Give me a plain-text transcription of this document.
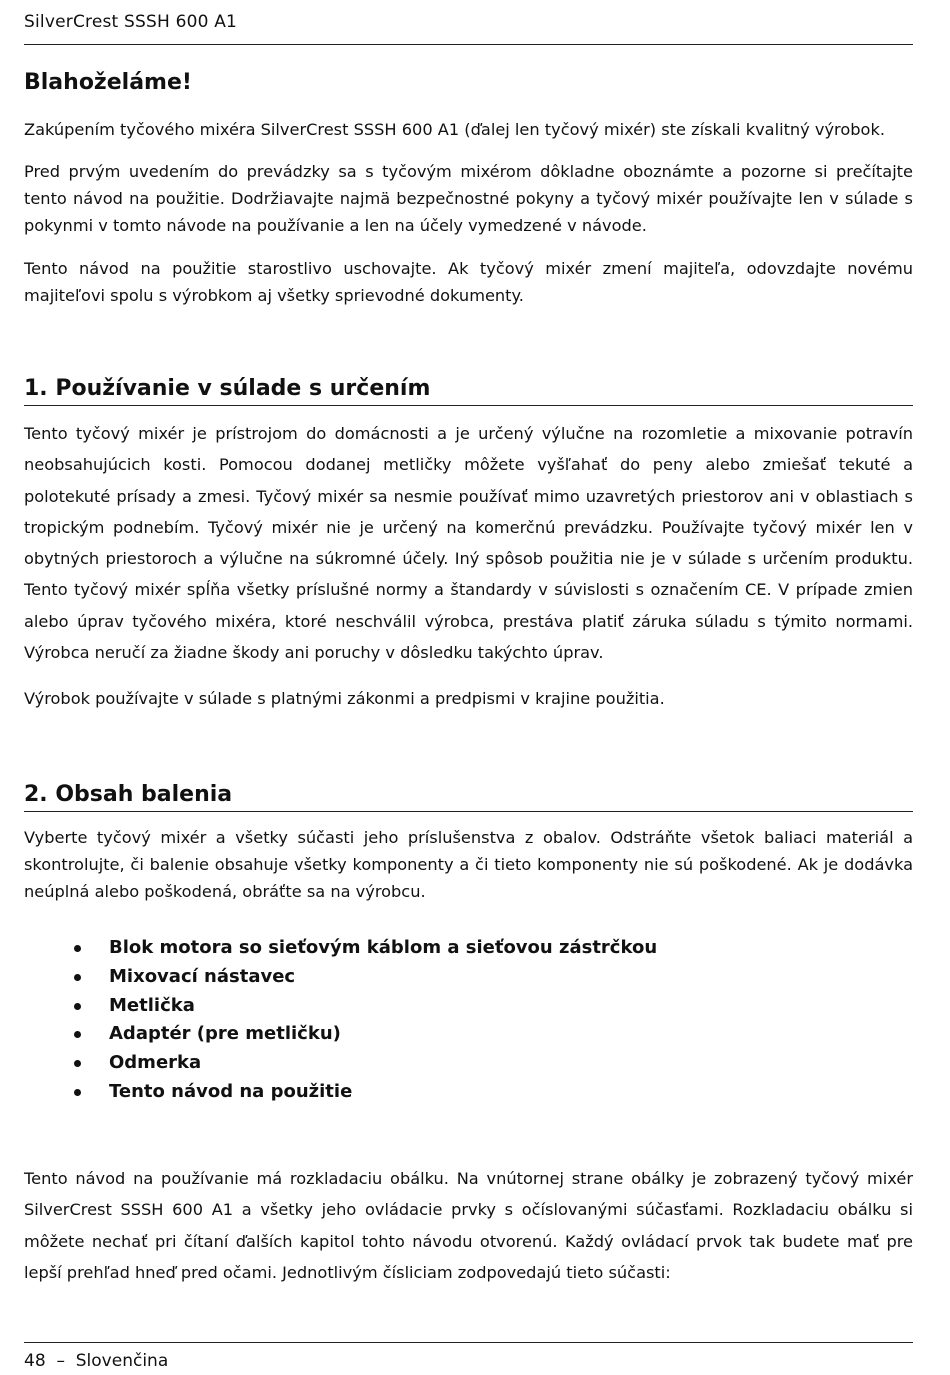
SilverCrest SSSH 600 A1
Blahoželáme!

Zakúpením tyčového mixéra SilverCrest SSSH 600 A1 (ďalej len tyčový mixér) ste získali kvalitný výrobok.

Pred prvým uvedením do prevádzky sa s tyčovým mixérom dôkladne oboznámte a pozorne si prečítajte tento návod na použitie. Dodržiavajte najmä bezpečnostné pokyny a tyčový mixér používajte len v súlade s pokynmi v tomto návode na používanie a len na účely vymedzené v návode.

Tento návod na použitie starostlivo uschovajte. Ak tyčový mixér zmení majiteľa, odovzdajte novému majiteľovi spolu s výrobkom aj všetky sprievodné dokumenty.

1. Používanie v súlade s určením

Tento tyčový mixér je prístrojom do domácnosti a je určený výlučne na rozomletie a mixovanie potravín neobsahujúcich kosti. Pomocou dodanej metličky môžete vyšľahať do peny alebo zmiešať tekuté a polotekuté prísady a zmesi. Tyčový mixér sa nesmie používať mimo uzavretých priestorov ani v oblastiach s tropickým podnebím. Tyčový mixér nie je určený na komerčnú prevádzku. Používajte tyčový mixér len v obytných priestoroch a výlučne na súkromné účely. Iný spôsob použitia nie je v súlade s určením produktu. Tento tyčový mixér spĺňa všetky príslušné normy a štandardy v súvislosti s označením CE. V prípade zmien alebo úprav tyčového mixéra, ktoré neschválil výrobca, prestáva platiť záruka súladu s týmito normami. Výrobca neručí za žiadne škody ani poruchy v dôsledku takýchto úprav.

Výrobok používajte v súlade s platnými zákonmi a predpismi v krajine použitia.

2. Obsah balenia

Vyberte tyčový mixér a všetky súčasti jeho príslušenstva z obalov. Odstráňte všetok baliaci materiál a skontrolujte, či balenie obsahuje všetky komponenty a či tieto komponenty nie sú poškodené. Ak je dodávka neúplná alebo poškodená, obráťte sa na výrobcu.

Blok motora so sieťovým káblom a sieťovou zástrčkou
Mixovací nástavec
Metlička
Adaptér (pre metličku)
Odmerka
Tento návod na použitie

Tento návod na používanie má rozkladaciu obálku. Na vnútornej strane obálky je zobrazený tyčový mixér SilverCrest SSSH 600 A1 a všetky jeho ovládacie prvky s očíslovanými súčasťami. Rozkladaciu obálku si môžete nechať pri čítaní ďalších kapitol tohto návodu otvorenú. Každý ovládací prvok tak budete mať pre lepší prehľad hneď pred očami. Jednotlivým čísliciam zodpovedajú tieto súčasti:

48 – Slovenčina
